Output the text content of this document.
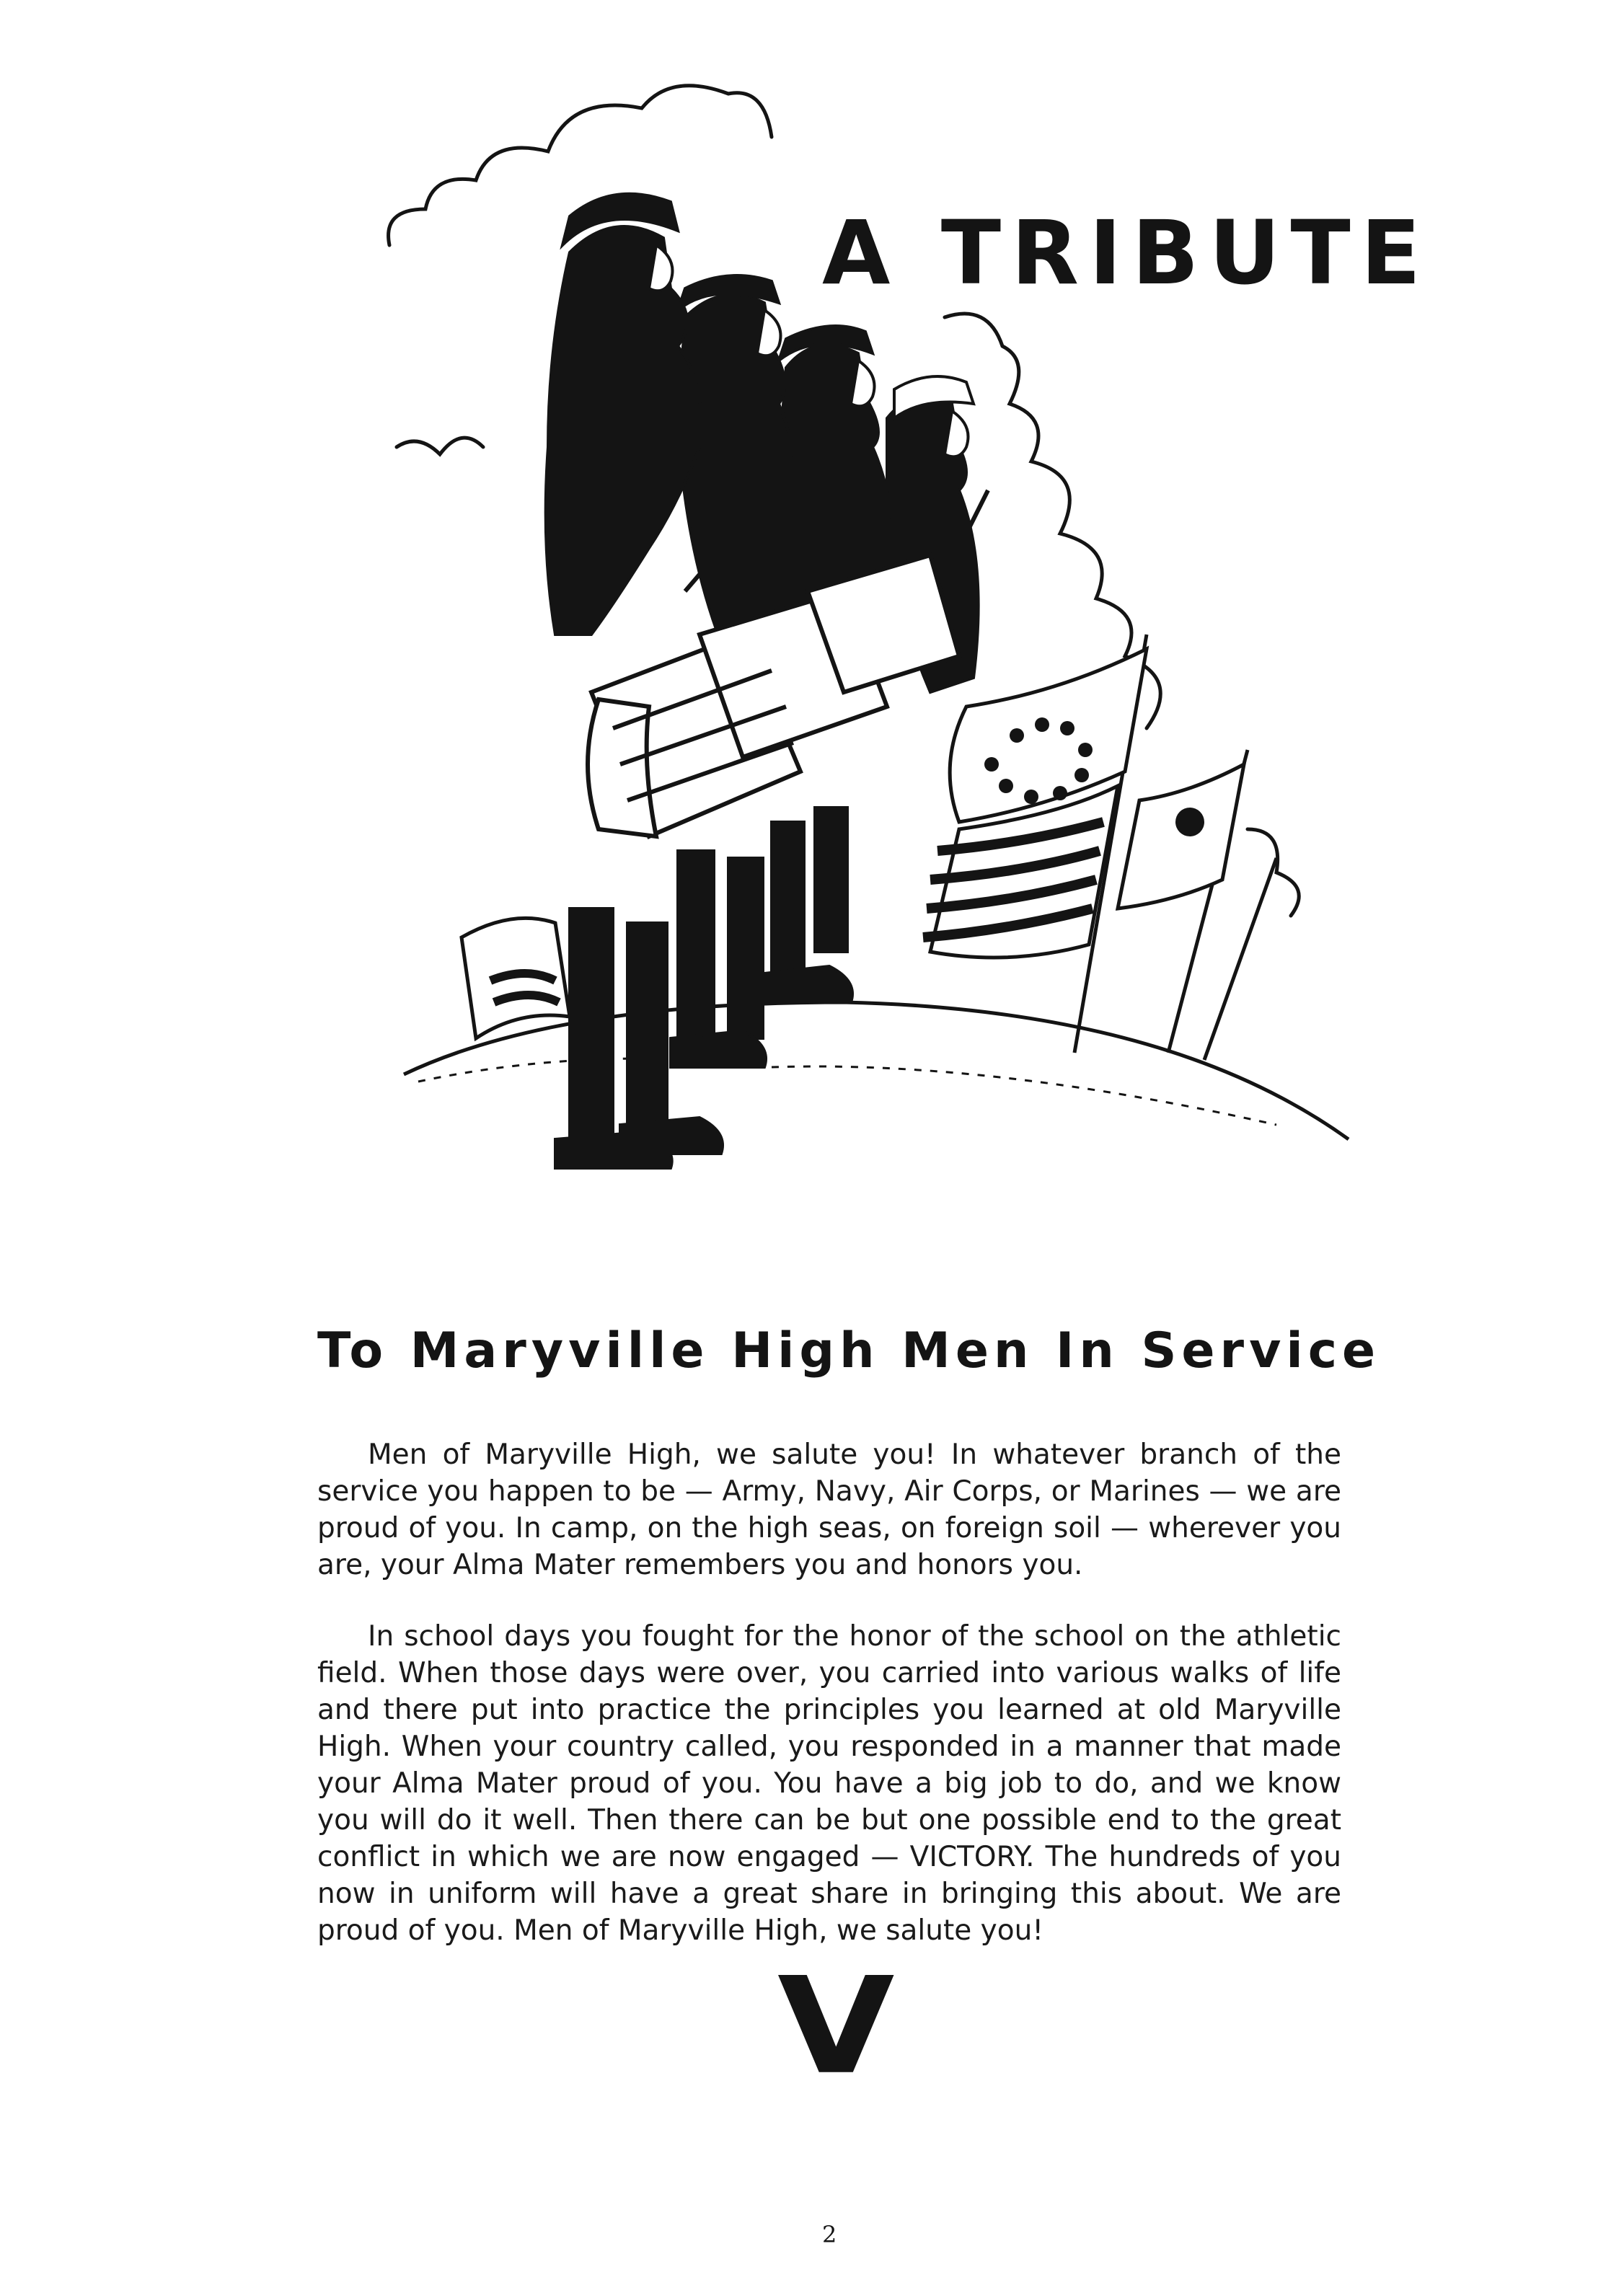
A TRIBUTE
To Maryville High Men In Service

Men of Maryville High, we salute you! In whatever branch of the service you happen to be — Army, Navy, Air Corps, or Marines — we are proud of you. In camp, on the high seas, on foreign soil — wherever you are, your Alma Mater remembers you and honors you.

In school days you fought for the honor of the school on the athletic field. When those days were over, you carried into various walks of life and there put into practice the principles you learned at old Maryville High. When your country called, you responded in a manner that made your Alma Mater proud of you. You have a big job to do, and we know you will do it well. Then there can be but one possible end to the great conflict in which we are now engaged — VICTORY. The hundreds of you now in uniform will have a great share in bringing this about. We are proud of you. Men of Maryville High, we salute you!

V
2
